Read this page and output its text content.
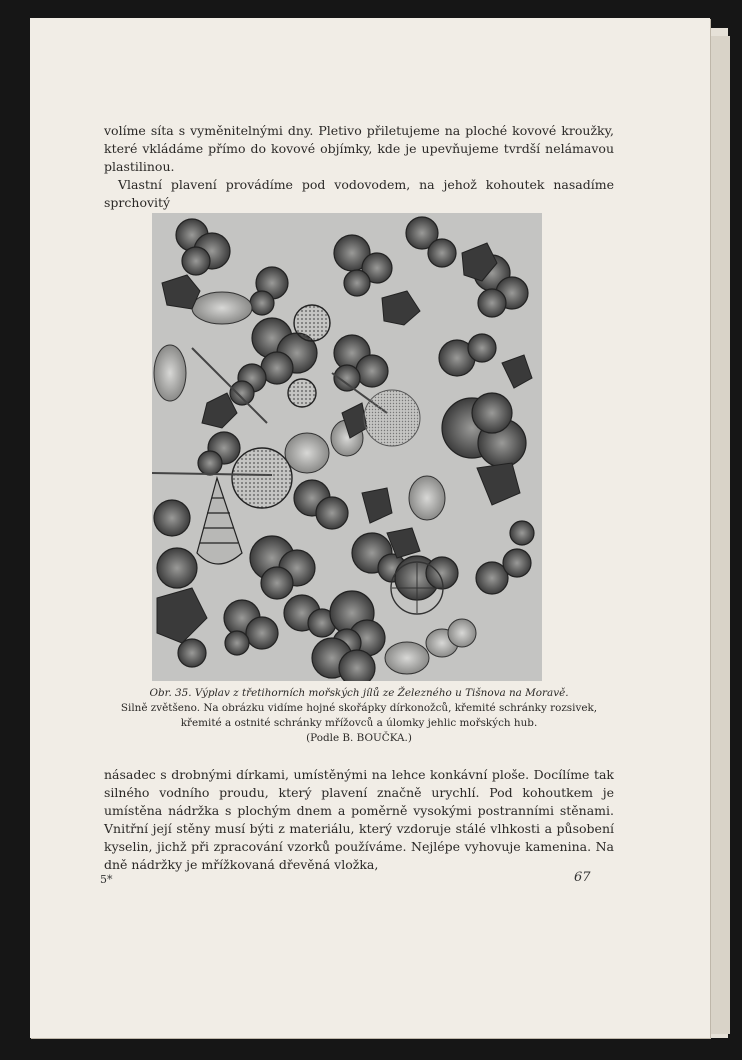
volíme síta s vyměnitelnými dny. Pletivo přiletujeme na ploché kovové kroužky, které vkládáme přímo do kovové objímky, kde je upevňujeme tvrdší nelámavou plastilinou.

Vlastní plavení provádíme pod vodovodem, na jehož kohoutek nasadíme sprchovitý

Obr. 35. Výplav z třetihorních mořských jílů ze Železného u Tišnova na Moravě.
Silně zvětšeno. Na obrázku vidíme hojné skořápky dírkonožců, křemité schránky rozsivek, křemité a ostnité schránky mřížovců a úlomky jehlic mořských hub.
(Podle B. BOUČKA.)

násadec s drobnými dírkami, umístěnými na lehce konkávní ploše. Docílíme tak silného vodního proudu, který plavení značně urychlí. Pod kohoutkem je umístěna nádržka s plochým dnem a poměrně vysokými postranními stěnami. Vnitřní její stěny musí býti z materiálu, který vzdoruje stálé vlhkosti a působení kyselin, jichž při zpracování vzorků používáme. Nejlépe vyhovuje kamenina. Na dně nádržky je mřížkovaná dřevěná vložka,

5*	67
